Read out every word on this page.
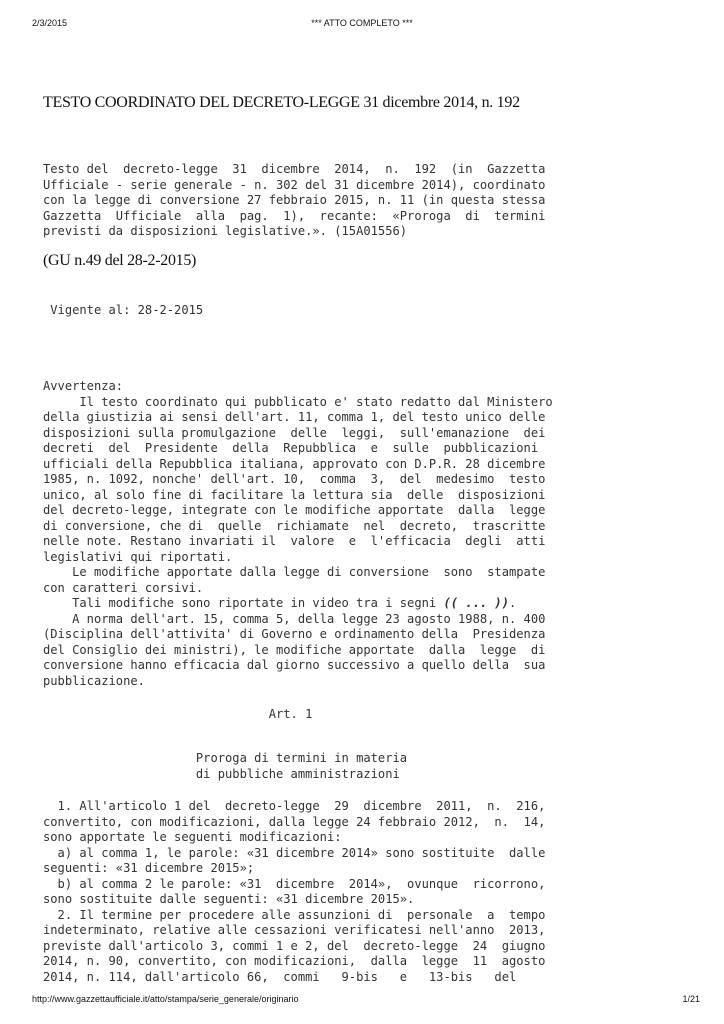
2/3/2015	*** ATTO COMPLETO ***
TESTO COORDINATO DEL DECRETO-LEGGE 31 dicembre 2014, n. 192
Testo del  decreto-legge  31  dicembre  2014,  n.  192  (in  Gazzetta
Ufficiale - serie generale - n. 302 del 31 dicembre 2014), coordinato
con la legge di conversione 27 febbraio 2015, n. 11 (in questa stessa
Gazzetta  Ufficiale  alla  pag.  1),  recante:  «Proroga  di  termini
previsti da disposizioni legislative.». (15A01556)
(GU n.49 del 28-2-2015)
Vigente al: 28-2-2015
Avvertenza:
Il testo coordinato qui pubblicato e' stato redatto dal Ministero
della giustizia ai sensi dell'art. 11, comma 1, del testo unico delle
disposizioni sulla promulgazione  delle  leggi,  sull'emanazione  dei
decreti  del  Presidente  della  Repubblica  e  sulle  pubblicazioni
ufficiali della Repubblica italiana, approvato con D.P.R. 28 dicembre
1985, n. 1092, nonche' dell'art. 10,  comma  3,  del  medesimo  testo
unico, al solo fine di facilitare la lettura sia  delle  disposizioni
del decreto-legge, integrate con le modifiche apportate  dalla  legge
di conversione, che di  quelle  richiamate  nel  decreto,  trascritte
nelle note. Restano invariati il  valore  e  l'efficacia  degli  atti
legislativi qui riportati.
Le modifiche apportate dalla legge di conversione  sono  stampate
con caratteri corsivi.
Tali modifiche sono riportate in video tra i segni (( ... )).
A norma dell'art. 15, comma 5, della legge 23 agosto 1988, n. 400
(Disciplina dell'attivita' di Governo e ordinamento della  Presidenza
del Consiglio dei ministri), le modifiche apportate  dalla  legge  di
conversione hanno efficacia dal giorno successivo a quello della  sua
pubblicazione.
Art. 1
Proroga di termini in materia
di pubbliche amministrazioni
1. All'articolo 1 del  decreto-legge  29  dicembre  2011,  n.  216,
convertito, con modificazioni, dalla legge 24 febbraio 2012,  n.  14,
sono apportate le seguenti modificazioni:
a) al comma 1, le parole: «31 dicembre 2014» sono sostituite  dalle
seguenti: «31 dicembre 2015»;
b) al comma 2 le parole: «31  dicembre  2014»,  ovunque  ricorrono,
sono sostituite dalle seguenti: «31 dicembre 2015».
2. Il termine per procedere alle assunzioni di  personale  a  tempo
indeterminato, relative alle cessazioni verificatesi nell'anno  2013,
previste dall'articolo 3, commi 1 e 2, del  decreto-legge  24  giugno
2014, n. 90, convertito, con modificazioni,  dalla  legge  11  agosto
2014, n. 114, dall'articolo 66,  commi   9-bis   e   13-bis   del
http://www.gazzettaufficiale.it/atto/stampa/serie_generale/originario	1/21
